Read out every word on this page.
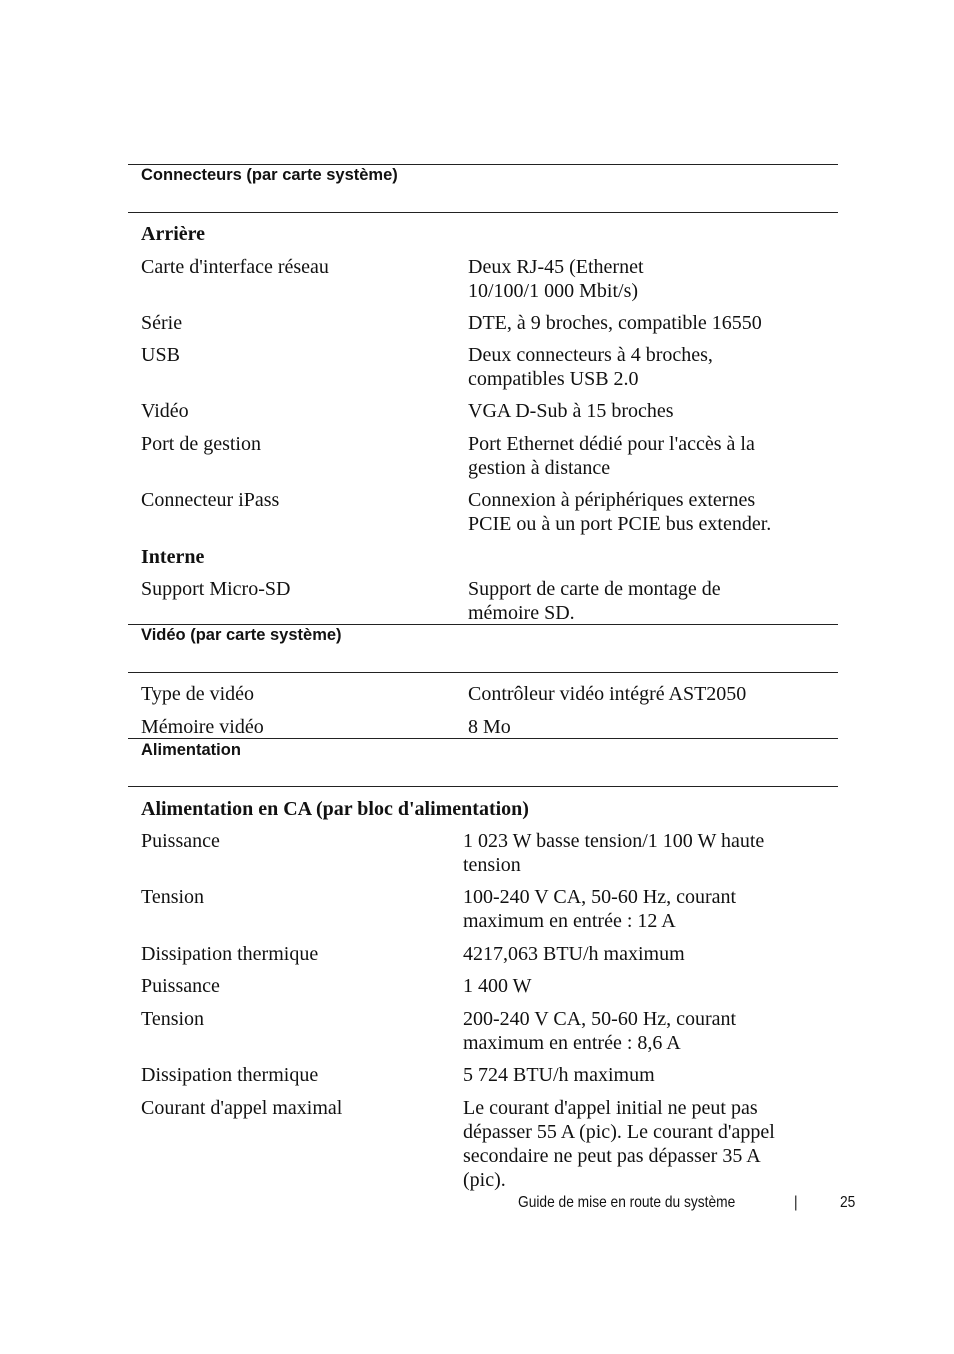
Connecteurs (par carte système)
Arrière
Carte d'interface réseau	Deux RJ-45 (Ethernet
10/100/1 000 Mbit/s)
Série	DTE, à 9 broches, compatible 16550
USB	Deux connecteurs à 4 broches,
compatibles USB 2.0
Vidéo	VGA D-Sub à 15 broches
Port de gestion	Port Ethernet dédié pour l'accès à la
gestion à distance
Connecteur iPass	Connexion à périphériques externes
PCIE ou à un port PCIE bus extender.
Interne
Support Micro-SD	Support de carte de montage de
mémoire SD.
Vidéo (par carte système)
Type de vidéo	Contrôleur vidéo intégré AST2050
Mémoire vidéo	8 Mo
Alimentation
Alimentation en CA (par bloc d'alimentation)
Puissance	1 023 W basse tension/1 100 W haute
tension
Tension	100-240 V CA, 50-60 Hz, courant
maximum en entrée : 12 A
Dissipation thermique	4217,063 BTU/h maximum
Puissance	1 400 W
Tension	200-240 V CA, 50-60 Hz, courant
maximum en entrée : 8,6 A
Dissipation thermique	5 724 BTU/h maximum
Courant d'appel maximal	Le courant d'appel initial ne peut pas
dépasser 55 A (pic). Le courant d'appel
secondaire ne peut pas dépasser 35 A
(pic).
Guide de mise en route du système	|	25
